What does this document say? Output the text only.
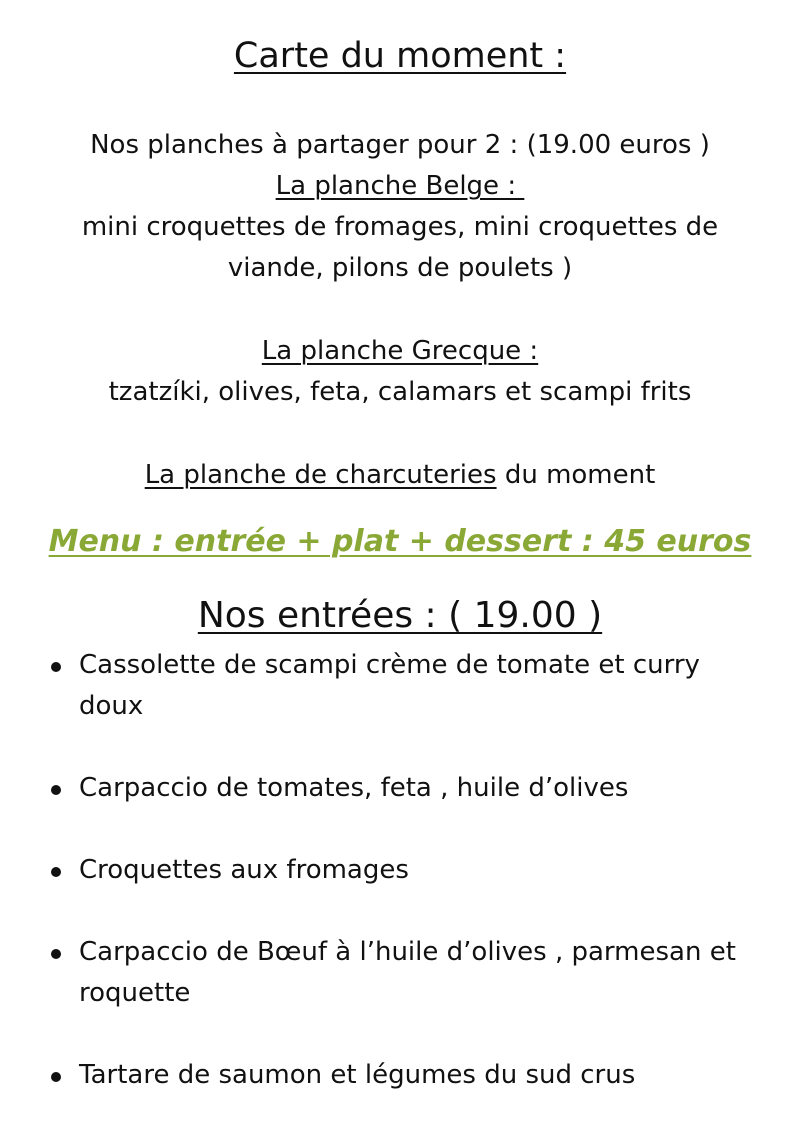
Carte du moment :
Nos planches à partager pour 2 : (19.00 euros )
La planche Belge :
mini croquettes de fromages, mini croquettes de
viande, pilons de poulets )
La planche Grecque :
tzatzíki, olives, feta, calamars et scampi frits
La planche de charcuteries du moment
Menu : entrée + plat + dessert : 45 euros
Nos entrées : ( 19.00 )
Cassolette de scampi crème de tomate et curry
doux
Carpaccio de tomates, feta , huile d’olives
Croquettes aux fromages
Carpaccio de Bœuf à l’huile d’olives , parmesan et
roquette
Tartare de saumon et légumes du sud crus
